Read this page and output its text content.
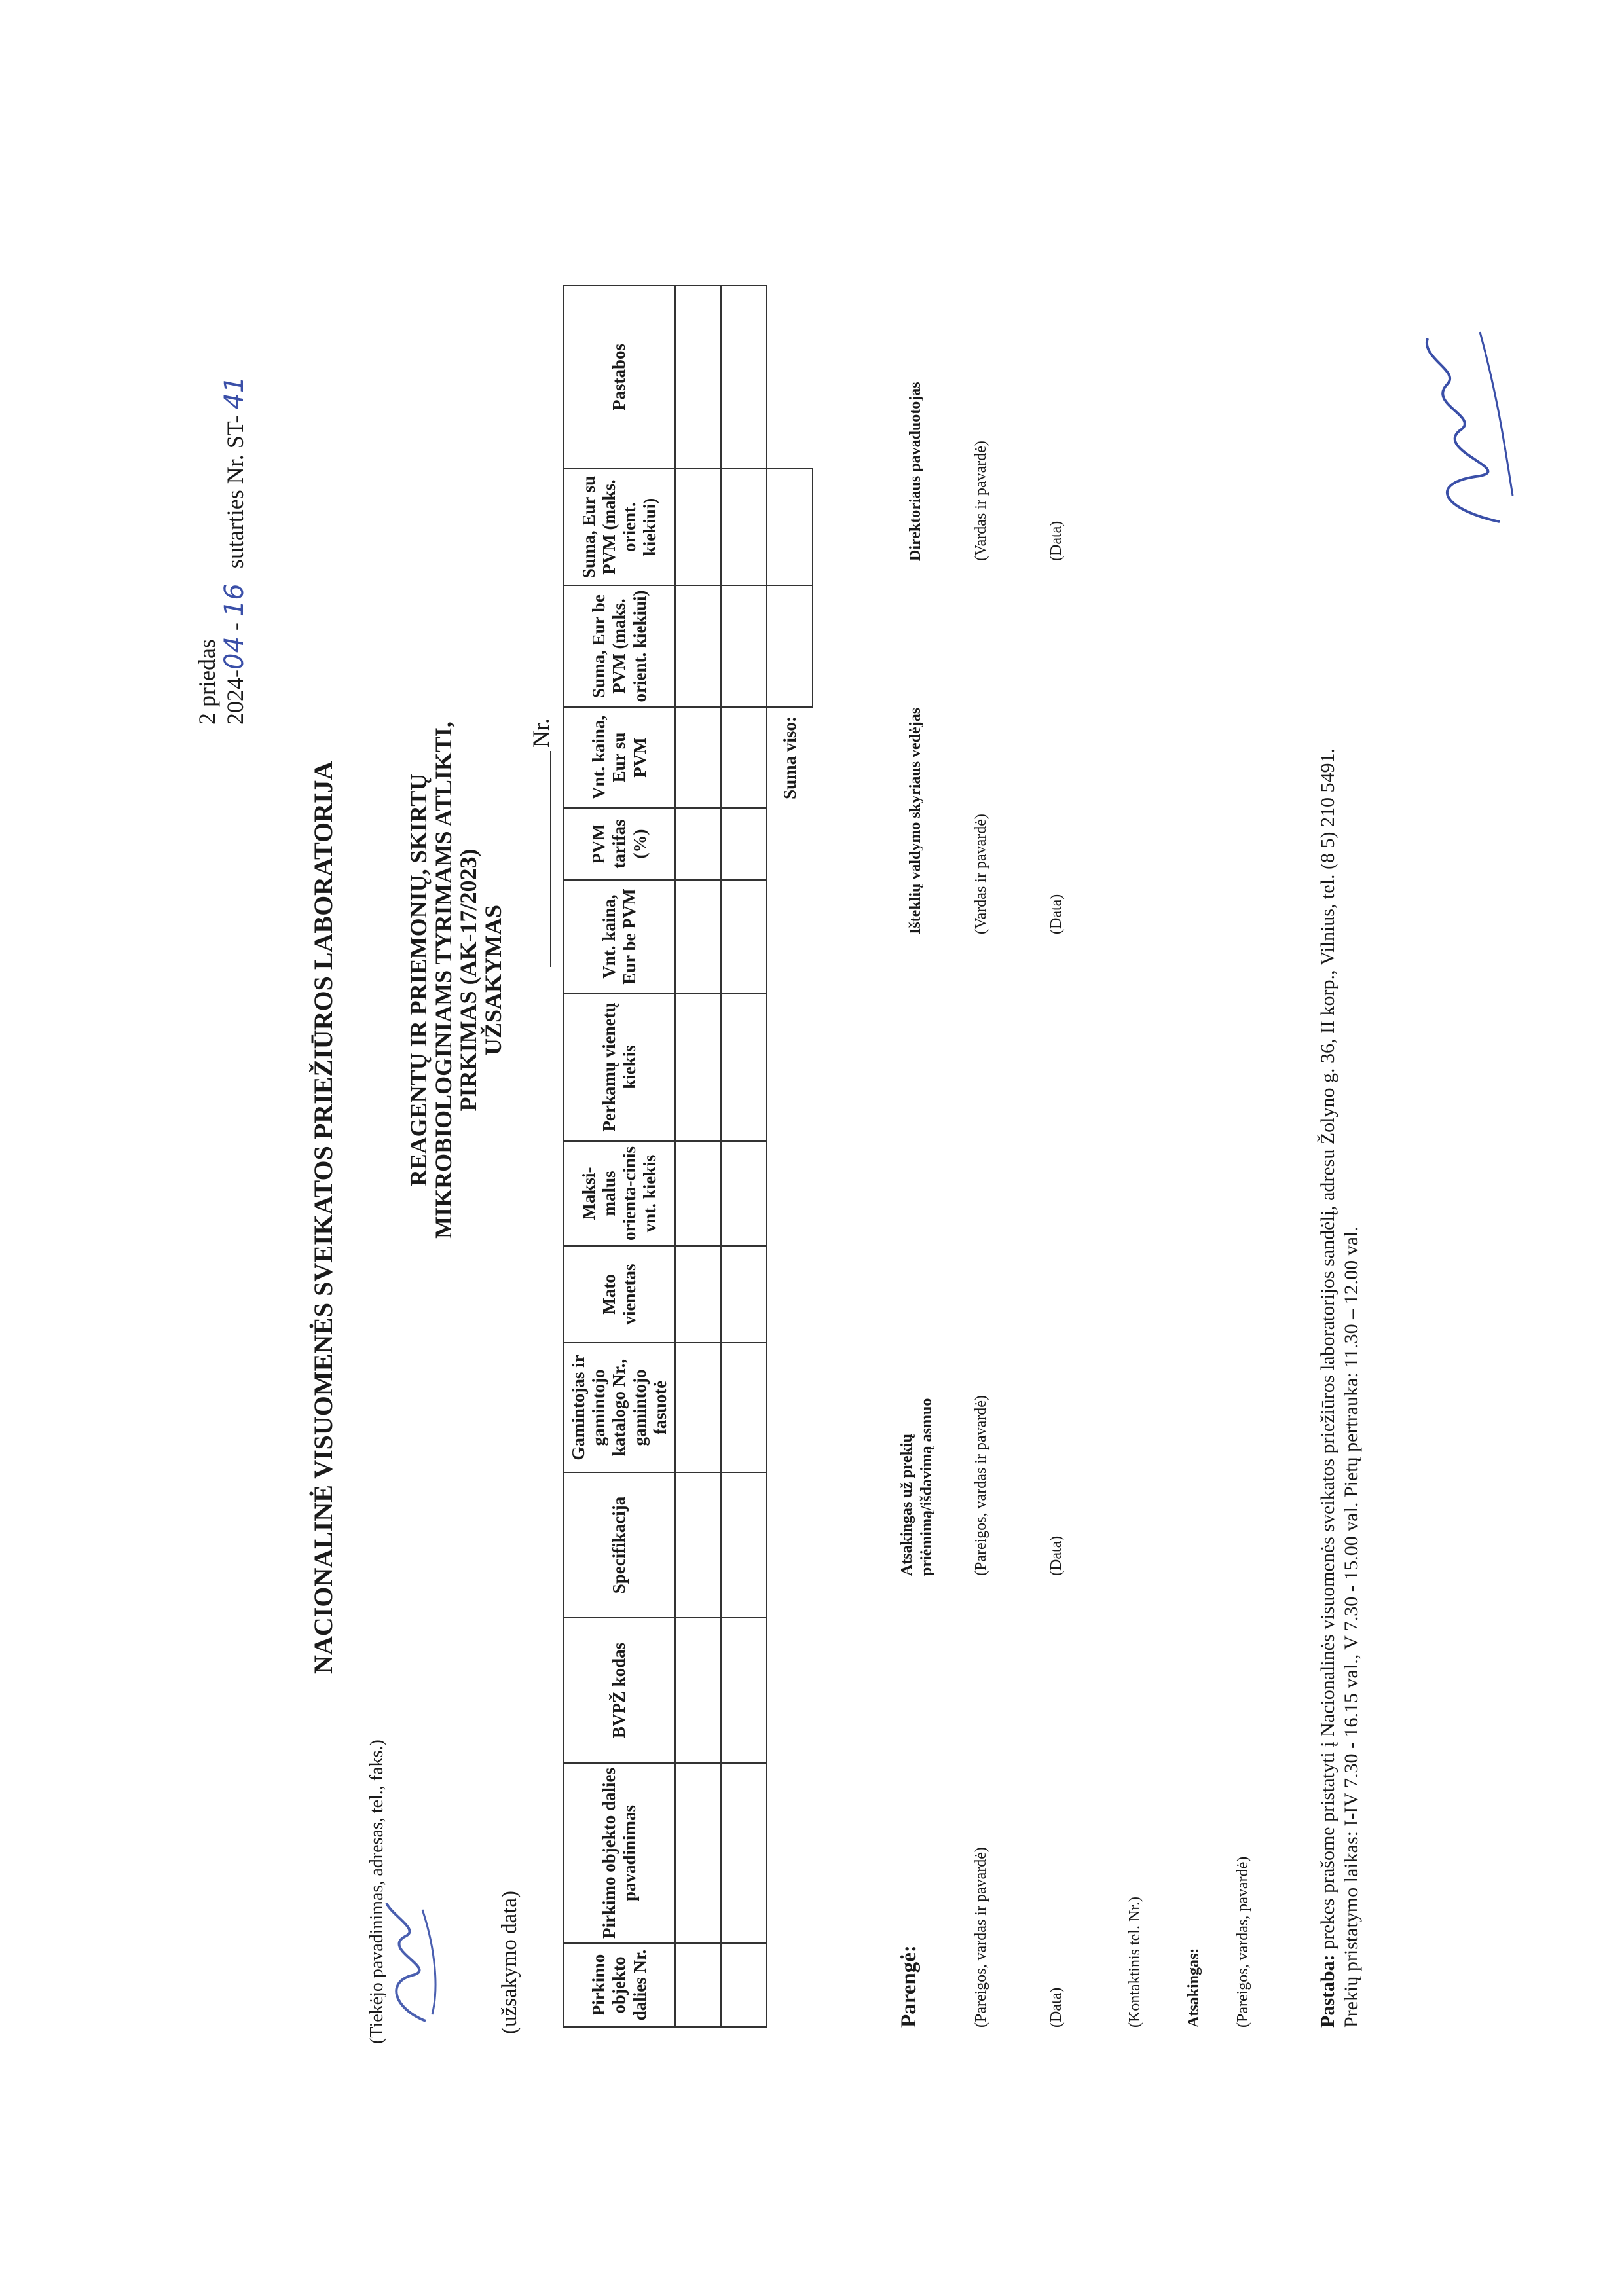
2 priedas 2024-04 - 16 sutarties Nr. ST- 41
NACIONALINĖ VISUOMENĖS SVEIKATOS PRIEŽIŪROS LABORATORIJA
(Tiekėjo pavadinimas, adresas, tel., faks.)
REAGENTŲ IR PRIEMONIŲ, SKIRTŲ
MIKROBIOLOGINIAMS TYRIMAMS ATLIKTI,
PIRKIMAS (AK-17/2023)
UŽSAKYMAS
Nr.
(užsakymo data)	Pirkimo objekto dalies Nr.	Pirkimo objekto dalies pavadinimas	BVPŽ kodas	Specifikacija	Gamintojas ir gamintojo katalogo Nr., gamintojo fasuotė	Mato vienetas	Maksi-malus orienta-cinis vnt. kiekis	Perkamų vienetų kiekis	Vnt. kaina, Eur be PVM	PVM tarifas (%)	Vnt. kaina, Eur su PVM	Suma, Eur be PVM (maks. orient. kiekiui)	Suma, Eur su PVM (maks. orient. kiekiui)	Pastabos

										Suma viso:			
Parengė:	(Pareigos, vardas ir pavardė)	(Data)	(Kontaktinis tel. Nr.)	Atsakingas: (Pareigos, vardas, pavardė)
Atsakingas už prekių priėmimą/išdavimą asmuo (Pareigos, vardas ir pavardė)	(Data)
Išteklių valdymo skyriaus vedėjas	(Vardas ir pavardė)	(Data)
Direktoriaus pavaduotojas	(Vardas ir pavardė)	(Data)
Pastaba: prekes prašome pristatyti į Nacionalinės visuomenės sveikatos priežiūros laboratorijos sandėlį, adresu Žolyno g. 36, II korp., Vilnius, tel. (8 5) 210 5491. Prekių pristatymo laikas: I-IV 7.30 - 16.15 val., V 7.30 - 15.00 val. Pietų pertrauka: 11.30 – 12.00 val.
